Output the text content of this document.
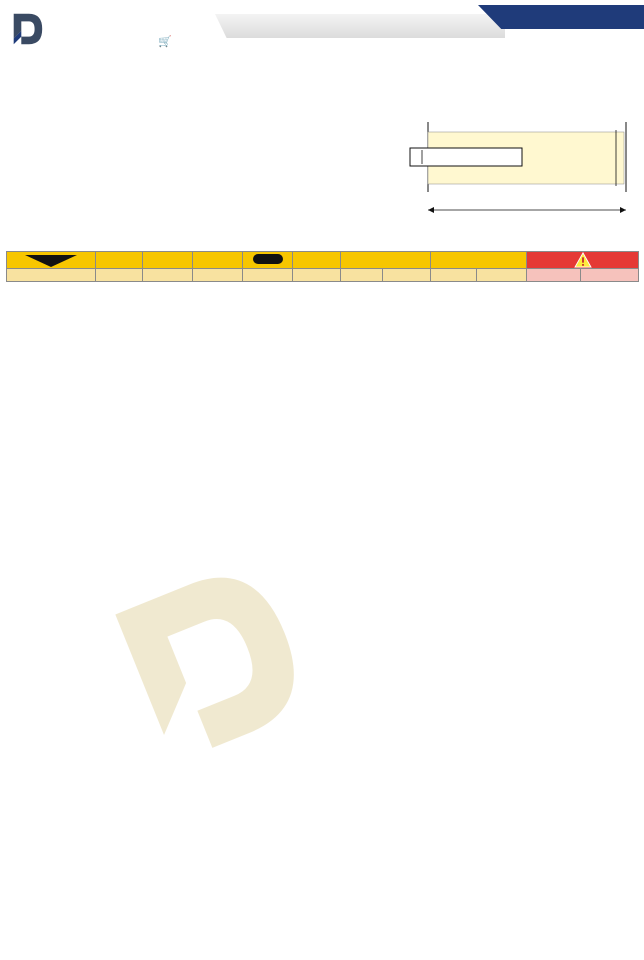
🛒
